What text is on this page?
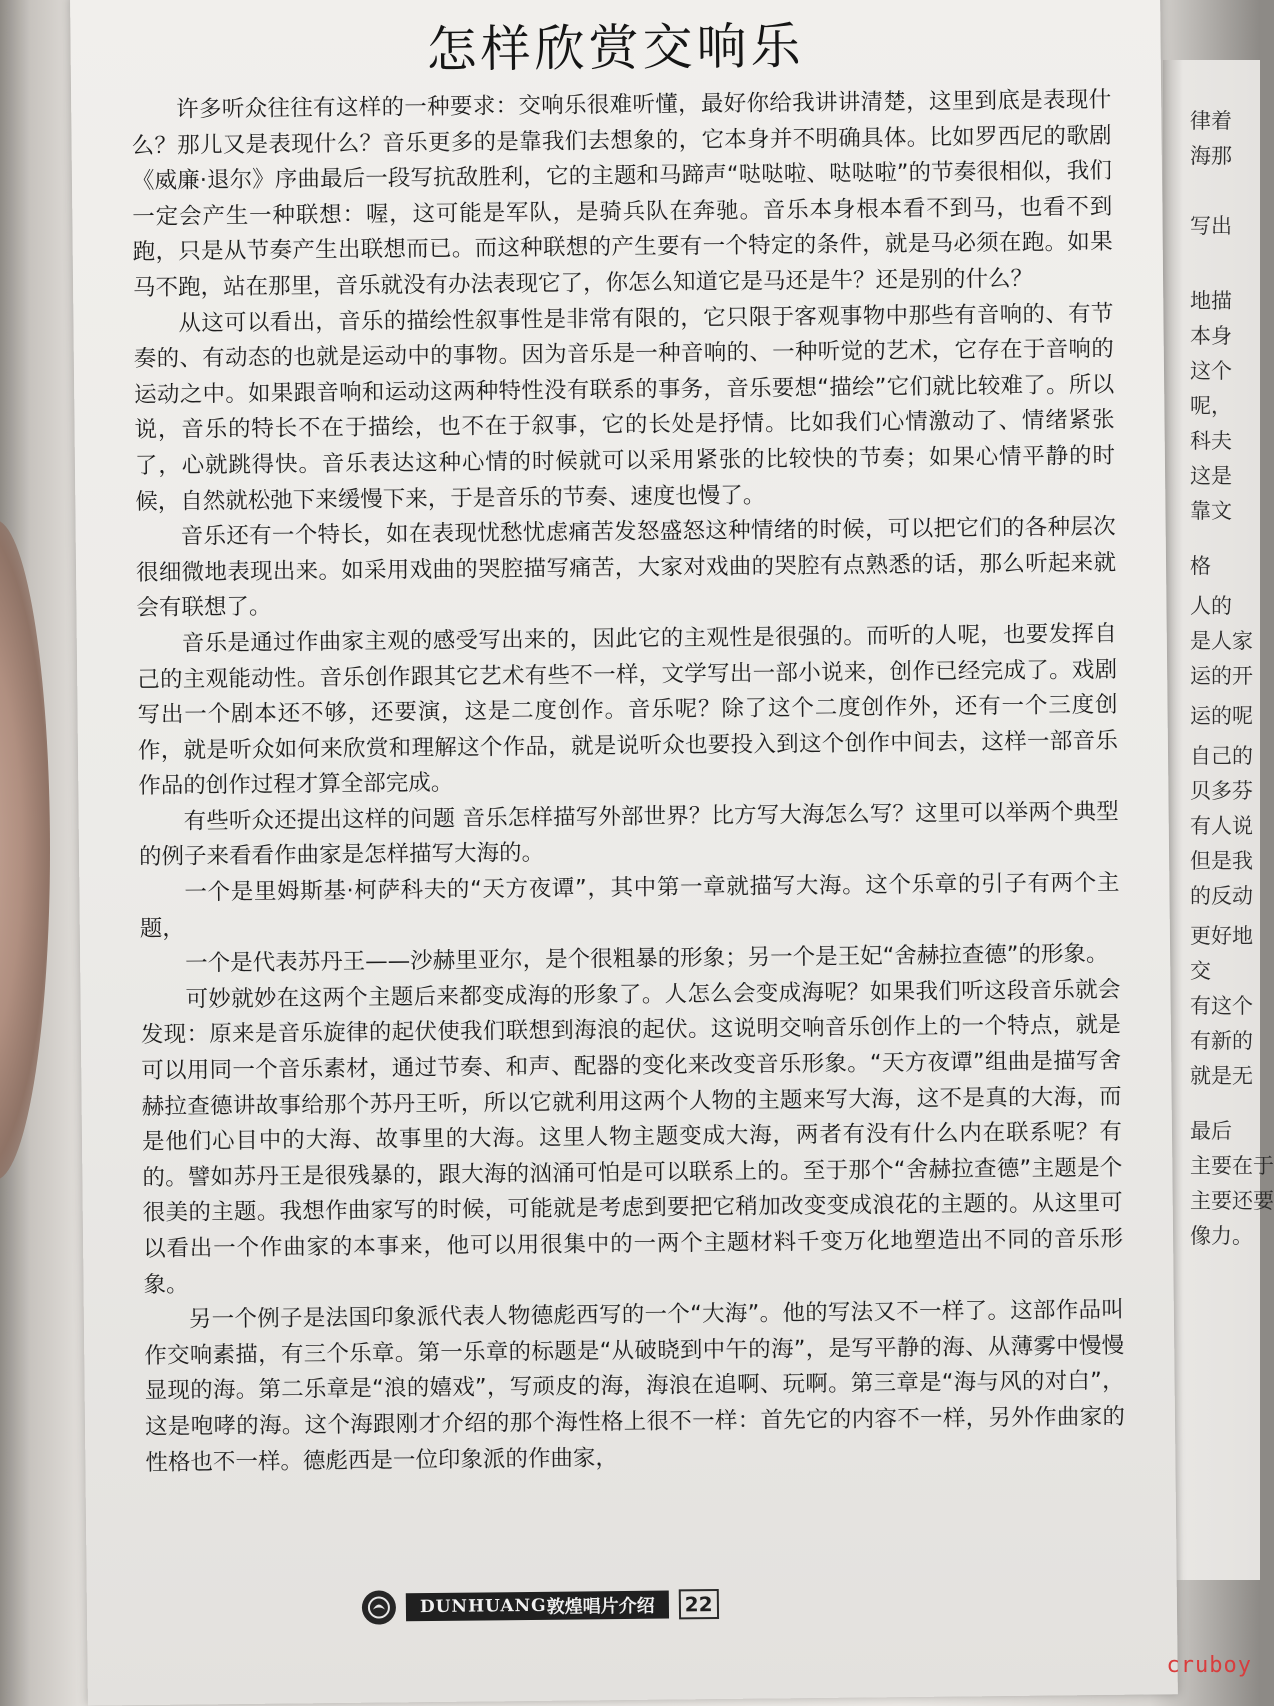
律着
海那
写出
地描
本身
这个
呢，
科夫
这是
靠文
格
人的
是人家
运的开
运的呢
自己的
贝多芬
有人说
但是我
的反动
更好地
交
有这个
有新的
就是无
最后
主要在于
主要还要
像力。
怎样欣赏交响乐

许多听众往往有这样的一种要求：交响乐很难听懂，最好你给我讲讲清楚，这里到底是表现什么？那儿又是表现什么？音乐更多的是靠我们去想象的，它本身并不明确具体。比如罗西尼的歌剧《威廉·退尔》序曲最后一段写抗敌胜利，它的主题和马蹄声“哒哒啦、哒哒啦”的节奏很相似，我们一定会产生一种联想：喔，这可能是军队，是骑兵队在奔驰。音乐本身根本看不到马，也看不到跑，只是从节奏产生出联想而已。而这种联想的产生要有一个特定的条件，就是马必须在跑。如果马不跑，站在那里，音乐就没有办法表现它了，你怎么知道它是马还是牛？还是别的什么？

从这可以看出，音乐的描绘性叙事性是非常有限的，它只限于客观事物中那些有音响的、有节奏的、有动态的也就是运动中的事物。因为音乐是一种音响的、一种听觉的艺术，它存在于音响的运动之中。如果跟音响和运动这两种特性没有联系的事务，音乐要想“描绘”它们就比较难了。所以说，音乐的特长不在于描绘，也不在于叙事，它的长处是抒情。比如我们心情激动了、情绪紧张了，心就跳得快。音乐表达这种心情的时候就可以采用紧张的比较快的节奏；如果心情平静的时候，自然就松弛下来缓慢下来，于是音乐的节奏、速度也慢了。

音乐还有一个特长，如在表现忧愁忧虑痛苦发怒盛怒这种情绪的时候，可以把它们的各种层次很细微地表现出来。如采用戏曲的哭腔描写痛苦，大家对戏曲的哭腔有点熟悉的话，那么听起来就会有联想了。

音乐是通过作曲家主观的感受写出来的，因此它的主观性是很强的。而听的人呢，也要发挥自己的主观能动性。音乐创作跟其它艺术有些不一样，文学写出一部小说来，创作已经完成了。戏剧写出一个剧本还不够，还要演，这是二度创作。音乐呢？除了这个二度创作外，还有一个三度创作，就是听众如何来欣赏和理解这个作品，就是说听众也要投入到这个创作中间去，这样一部音乐作品的创作过程才算全部完成。

有些听众还提出这样的问题 音乐怎样描写外部世界？比方写大海怎么写？这里可以举两个典型的例子来看看作曲家是怎样描写大海的。

一个是里姆斯基·柯萨科夫的“天方夜谭”，其中第一章就描写大海。这个乐章的引子有两个主题，

一个是代表苏丹王——沙赫里亚尔，是个很粗暴的形象；另一个是王妃“舍赫拉查德”的形象。

可妙就妙在这两个主题后来都变成海的形象了。人怎么会变成海呢？如果我们听这段音乐就会发现：原来是音乐旋律的起伏使我们联想到海浪的起伏。这说明交响音乐创作上的一个特点，就是可以用同一个音乐素材，通过节奏、和声、配器的变化来改变音乐形象。“天方夜谭”组曲是描写舍赫拉查德讲故事给那个苏丹王听，所以它就利用这两个人物的主题来写大海，这不是真的大海，而是他们心目中的大海、故事里的大海。这里人物主题变成大海，两者有没有什么内在联系呢？有的。譬如苏丹王是很残暴的，跟大海的汹涌可怕是可以联系上的。至于那个“舍赫拉查德”主题是个很美的主题。我想作曲家写的时候，可能就是考虑到要把它稍加改变变成浪花的主题的。从这里可以看出一个作曲家的本事来，他可以用很集中的一两个主题材料千变万化地塑造出不同的音乐形象。

另一个例子是法国印象派代表人物德彪西写的一个“大海”。他的写法又不一样了。这部作品叫作交响素描，有三个乐章。第一乐章的标题是“从破晓到中午的海”，是写平静的海、从薄雾中慢慢显现的海。第二乐章是“浪的嬉戏”，写顽皮的海，海浪在追啊、玩啊。第三章是“海与风的对白”，这是咆哮的海。这个海跟刚才介绍的那个海性格上很不一样：首先它的内容不一样，另外作曲家的性格也不一样。德彪西是一位印象派的作曲家，

DUNHUANG 敦煌唱片介绍	22
cruboy
